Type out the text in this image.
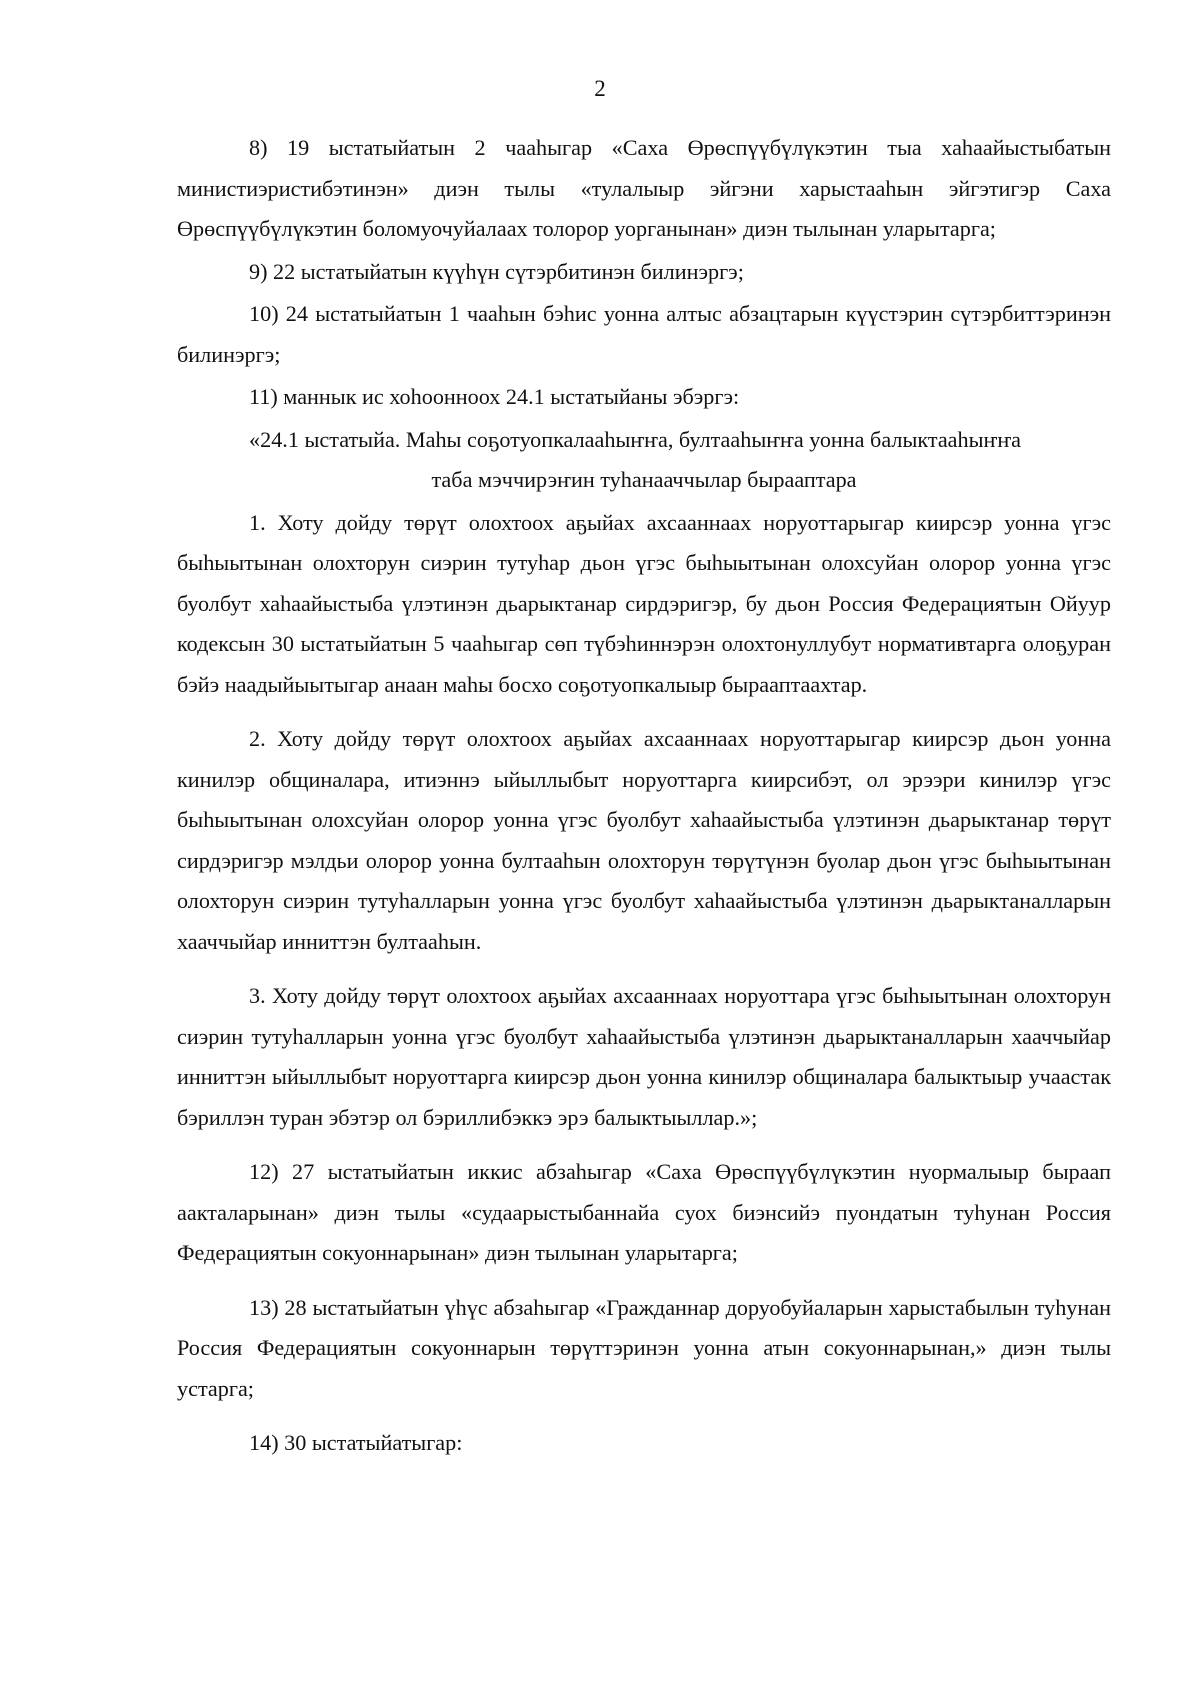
2

8) 19 ыстатыйатын 2 чааһыгар «Саха Өрөспүүбүлүкэтин тыа хаһаайыстыбатын министиэристибэтинэн» диэн тылы «тулалыыр эйгэни харыстааһын эйгэтигэр Саха Өрөспүүбүлүкэтин боломуочуйалаах толорор уорганынан» диэн тылынан уларытарга;

9) 22 ыстатыйатын күүһүн сүтэрбитинэн билинэргэ;

10) 24 ыстатыйатын 1 чааһын бэһис уонна алтыс абзацтарын күүстэрин сүтэрбиттэринэн билинэргэ;

11) маннык ис хоһоонноох 24.1 ыстатыйаны эбэргэ:

«24.1 ыстатыйа. Маһы соҕотуопкалааһыҥҥа, бултааһыҥҥа уонна балыктааһыҥҥа

таба мэччирэҥин туһанааччылар бырааптара

1. Хоту дойду төрүт олохтоох аҕыйах ахсааннаах норуоттарыгар киирсэр уонна үгэс быһыытынан олохторун сиэрин тутуһар дьон үгэс быһыытынан олохсуйан олорор уонна үгэс буолбут хаһаайыстыба үлэтинэн дьарыктанар сирдэригэр, бу дьон Россия Федерациятын Ойуур кодексын 30 ыстатыйатын 5 чааһыгар сөп түбэһиннэрэн олохтонуллубут нормативтарга олоҕуран бэйэ наадыйыытыгар анаан маһы босхо соҕотуопкалыыр бырааптаахтар.

2. Хоту дойду төрүт олохтоох аҕыйах ахсааннаах норуоттарыгар киирсэр дьон уонна кинилэр общиналара, итиэннэ ыйыллыбыт норуоттарга киирсибэт, ол эрээри кинилэр үгэс быһыытынан олохсуйан олорор уонна үгэс буолбут хаһаайыстыба үлэтинэн дьарыктанар төрүт сирдэригэр мэлдьи олорор уонна бултааһын олохторун төрүтүнэн буолар дьон үгэс быһыытынан олохторун сиэрин тутуһалларын уонна үгэс буолбут хаһаайыстыба үлэтинэн дьарыктаналларын хааччыйар инниттэн бултааһын.

3. Хоту дойду төрүт олохтоох аҕыйах ахсааннаах норуоттара үгэс быһыытынан олохторун сиэрин тутуһалларын уонна үгэс буолбут хаһаайыстыба үлэтинэн дьарыктаналларын хааччыйар инниттэн ыйыллыбыт норуоттарга киирсэр дьон уонна кинилэр общиналара балыктыыр учаастак бэриллэн туран эбэтэр ол бэриллибэккэ эрэ балыктыыллар.»;

12) 27 ыстатыйатын иккис абзаһыгар «Саха Өрөспүүбүлүкэтин нуормалыыр быраап аакталарынан» диэн тылы «судаарыстыбаннайа суох биэнсийэ пуондатын туһунан Россия Федерациятын сокуоннарынан» диэн тылынан уларытарга;

13) 28 ыстатыйатын үһүс абзаһыгар «Гражданнар доруобуйаларын харыстабылын туһунан Россия Федерациятын сокуоннарын төрүттэринэн уонна атын сокуоннарынан,» диэн тылы устарга;

14) 30 ыстатыйатыгар:
